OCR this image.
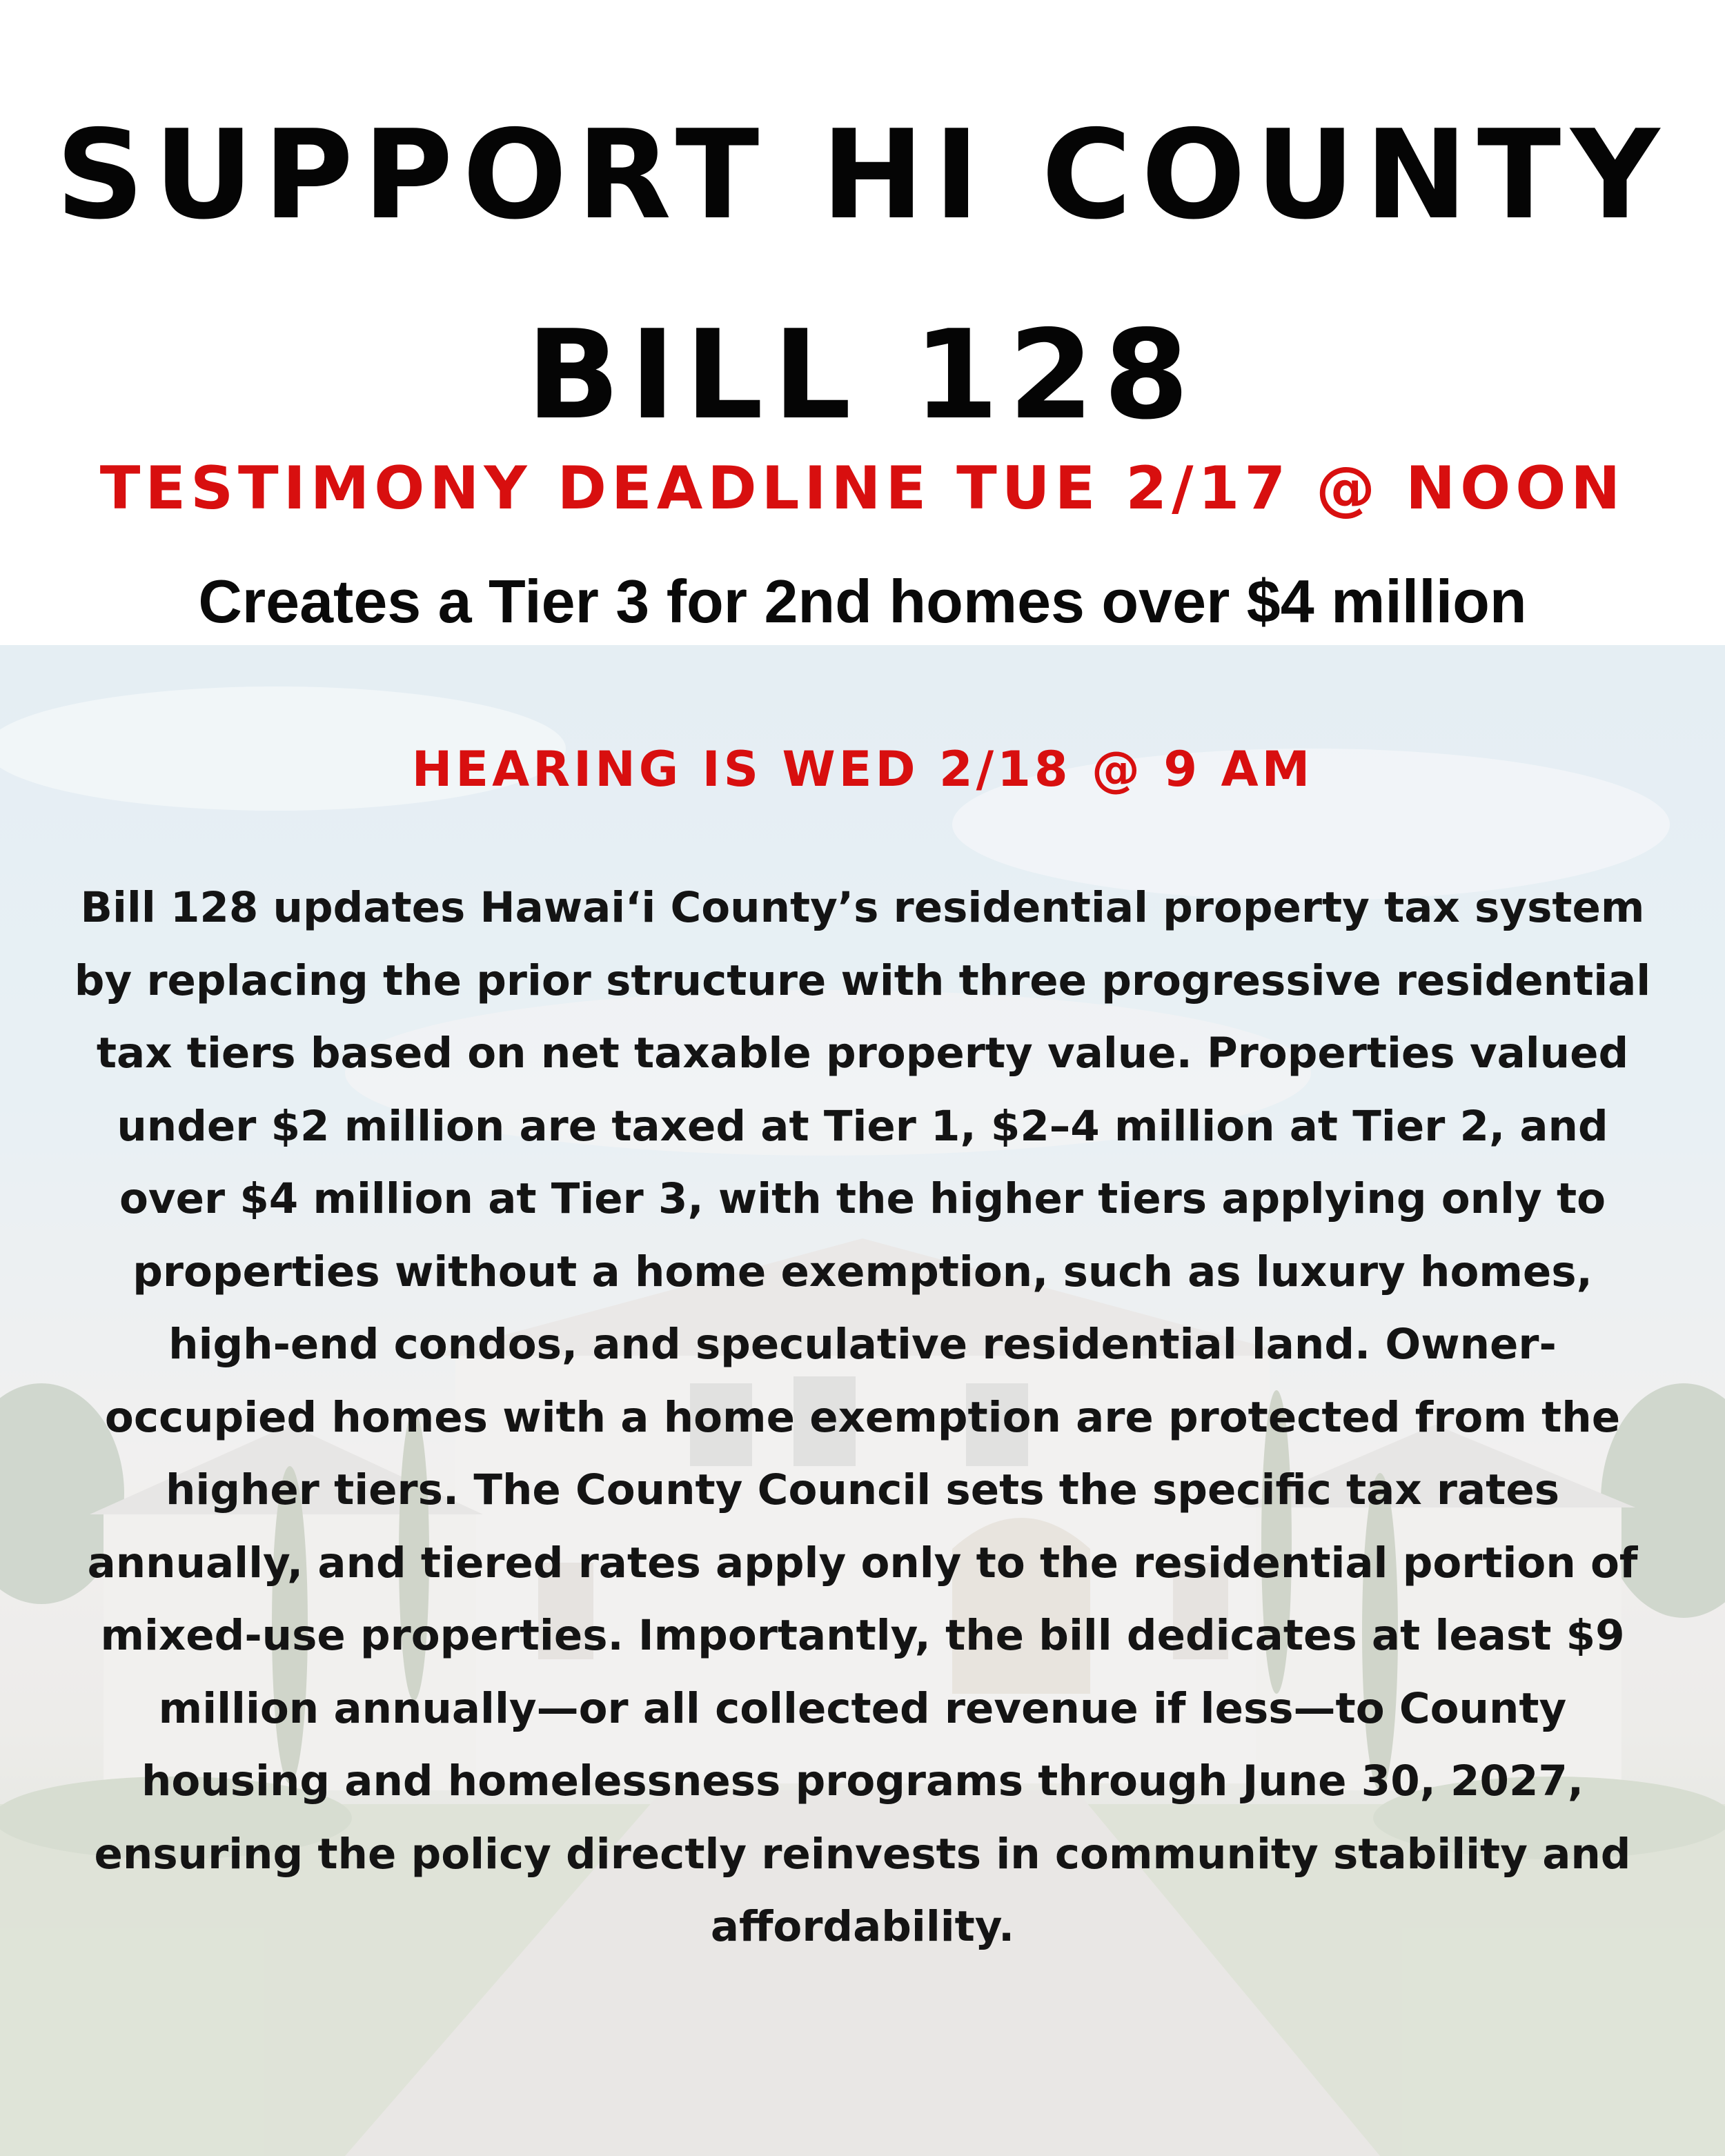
SUPPORT HI COUNTY
BILL 128
TESTIMONY DEADLINE TUE 2/17 @ NOON
Creates a Tier 3 for 2nd homes over $4 million
HEARING IS WED 2/18 @ 9 AM

Bill 128 updates Hawaiʻi County’s residential property tax system by replacing the prior structure with three progressive residential tax tiers based on net taxable property value. Properties valued under $2 million are taxed at Tier 1, $2–4 million at Tier 2, and over $4 million at Tier 3, with the higher tiers applying only to properties without a home exemption, such as luxury homes, high-end condos, and speculative residential land. Owner-occupied homes with a home exemption are protected from the higher tiers. The County Council sets the specific tax rates annually, and tiered rates apply only to the residential portion of mixed-use properties. Importantly, the bill dedicates at least $9 million annually—or all collected revenue if less—to County housing and homelessness programs through June 30, 2027, ensuring the policy directly reinvests in community stability and affordability.
